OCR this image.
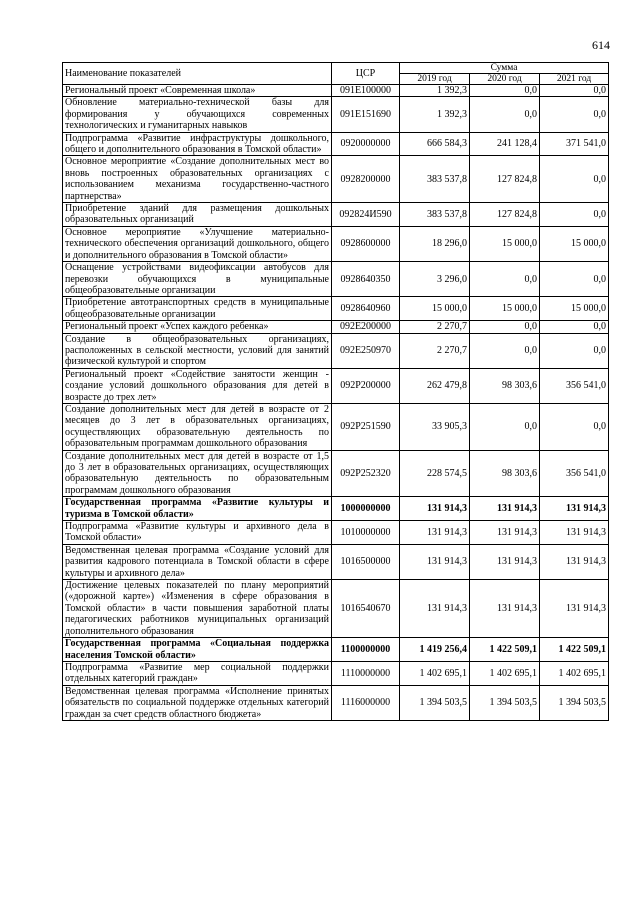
614
Наименование показателей	ЦСР	Сумма		
		2019 год	2020 год	2021 год
Региональный проект «Современная школа»	091E100000	1 392,3	0,0	0,0
Обновление материально-технической базы для формирования у обучающихся современных технологических и гуманитарных навыков	091E151690	1 392,3	0,0	0,0
Подпрограмма «Развитие инфраструктуры дошкольного, общего и дополнительного образования в Томской области»	0920000000	666 584,3	241 128,4	371 541,0
Основное мероприятие «Создание дополнительных мест во вновь построенных образовательных организациях с использованием механизма государственно-частного партнерства»	0928200000	383 537,8	127 824,8	0,0
Приобретение зданий для размещения дошкольных образовательных организаций	092824И590	383 537,8	127 824,8	0,0
Основное мероприятие «Улучшение материально-технического обеспечения организаций дошкольного, общего и дополнительного образования в Томской области»	0928600000	18 296,0	15 000,0	15 000,0
Оснащение устройствами видеофиксации автобусов для перевозки обучающихся в муниципальные общеобразовательные организации	0928640350	3 296,0	0,0	0,0
Приобретение автотранспортных средств в муниципальные общеобразовательные организации	0928640960	15 000,0	15 000,0	15 000,0
Региональный проект «Успех каждого ребенка»	092E200000	2 270,7	0,0	0,0
Создание в общеобразовательных организациях, расположенных в сельской местности, условий для занятий физической культурой и спортом	092E250970	2 270,7	0,0	0,0
Региональный проект «Содействие занятости женщин - создание условий дошкольного образования для детей в возрасте до трех лет»	092P200000	262 479,8	98 303,6	356 541,0
Создание дополнительных мест для детей в возрасте от 2 месяцев до 3 лет в образовательных организациях, осуществляющих образовательную деятельность по образовательным программам дошкольного образования	092P251590	33 905,3	0,0	0,0
Создание дополнительных мест для детей в возрасте от 1,5 до 3 лет в образовательных организациях, осуществляющих образовательную деятельность по образовательным программам дошкольного образования	092P252320	228 574,5	98 303,6	356 541,0
Государственная программа «Развитие культуры и туризма в Томской области»	1000000000	131 914,3	131 914,3	131 914,3
Подпрограмма «Развитие культуры и архивного дела в Томской области»	1010000000	131 914,3	131 914,3	131 914,3
Ведомственная целевая программа «Создание условий для развития кадрового потенциала в Томской области в сфере культуры и архивного дела»	1016500000	131 914,3	131 914,3	131 914,3
Достижение целевых показателей по плану мероприятий («дорожной карте») «Изменения в сфере образования в Томской области» в части повышения заработной платы педагогических работников муниципальных организаций дополнительного образования	1016540670	131 914,3	131 914,3	131 914,3
Государственная программа «Социальная поддержка населения Томской области»	1100000000	1 419 256,4	1 422 509,1	1 422 509,1
Подпрограмма «Развитие мер социальной поддержки отдельных категорий граждан»	1110000000	1 402 695,1	1 402 695,1	1 402 695,1
Ведомственная целевая программа «Исполнение принятых обязательств по социальной поддержке отдельных категорий граждан за счет средств областного бюджета»	1116000000	1 394 503,5	1 394 503,5	1 394 503,5
